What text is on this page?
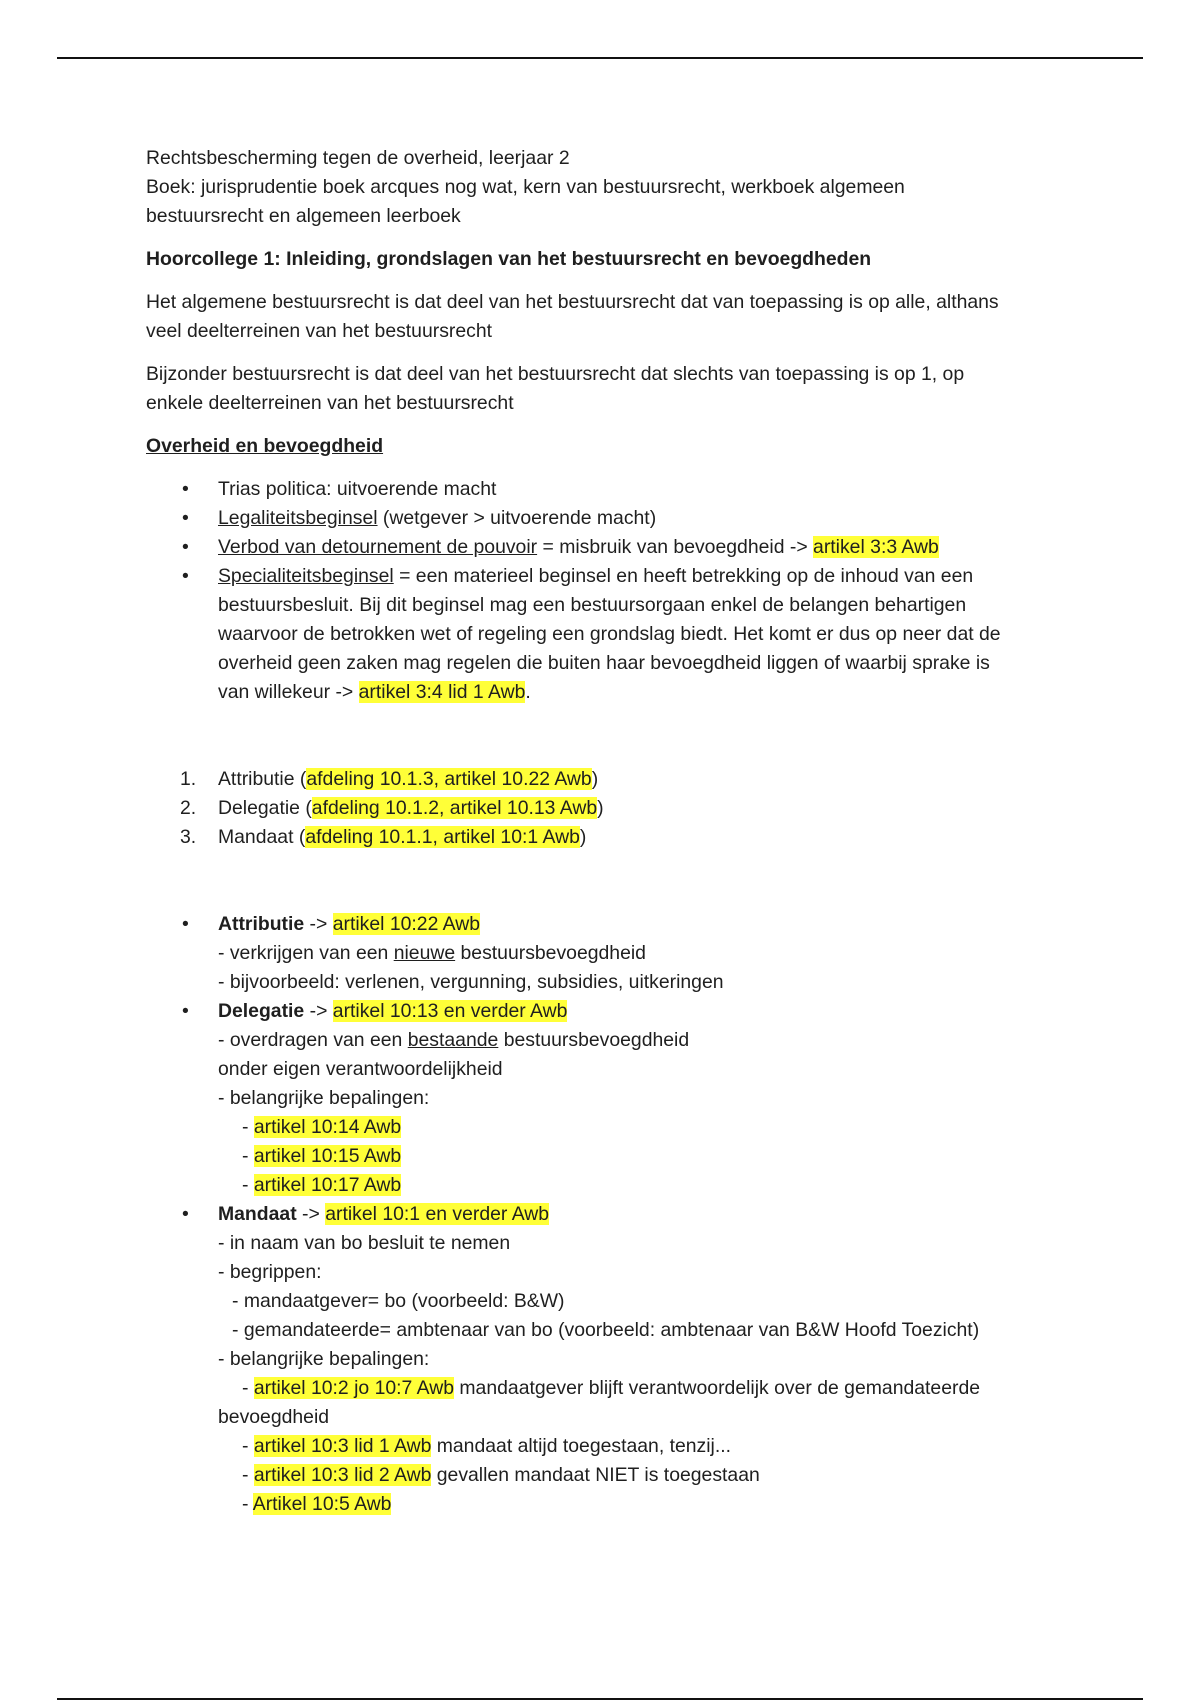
Rechtsbescherming tegen de overheid, leerjaar 2

Boek: jurisprudentie boek arcques nog wat, kern van bestuursrecht, werkboek algemeen

bestuursrecht en algemeen leerboek

Hoorcollege 1: Inleiding, grondslagen van het bestuursrecht en bevoegdheden

Het algemene bestuursrecht is dat deel van het bestuursrecht dat van toepassing is op alle, althans

veel deelterreinen van het bestuursrecht

Bijzonder bestuursrecht is dat deel van het bestuursrecht dat slechts van toepassing is op 1, op

enkele deelterreinen van het bestuursrecht

Overheid en bevoegdheid

•	Trias politica: uitvoerende macht
•	Legaliteitsbeginsel (wetgever > uitvoerende macht)
•	Verbod van detournement de pouvoir = misbruik van bevoegdheid -> artikel 3:3 Awb
•	Specialiteitsbeginsel = een materieel beginsel en heeft betrekking op de inhoud van een
bestuursbesluit. Bij dit beginsel mag een bestuursorgaan enkel de belangen behartigen
waarvoor de betrokken wet of regeling een grondslag biedt. Het komt er dus op neer dat de
overheid geen zaken mag regelen die buiten haar bevoegdheid liggen of waarbij sprake is
van willekeur -> artikel 3:4 lid 1 Awb.
1.	Attributie (afdeling 10.1.3, artikel 10.22 Awb)
2.	Delegatie (afdeling 10.1.2, artikel 10.13 Awb)
3.	Mandaat (afdeling 10.1.1, artikel 10:1 Awb)
•	Attributie -> artikel 10:22 Awb
- verkrijgen van een nieuwe bestuursbevoegdheid
- bijvoorbeeld: verlenen, vergunning, subsidies, uitkeringen
•	Delegatie -> artikel 10:13 en verder Awb
- overdragen van een bestaande bestuursbevoegdheid
onder eigen verantwoordelijkheid
- belangrijke bepalingen:
- artikel 10:14 Awb
- artikel 10:15 Awb
- artikel 10:17 Awb
•	Mandaat -> artikel 10:1 en verder Awb
- in naam van bo besluit te nemen
- begrippen:
- mandaatgever= bo (voorbeeld: B&W)
- gemandateerde= ambtenaar van bo (voorbeeld: ambtenaar van B&W Hoofd Toezicht)
- belangrijke bepalingen:
- artikel 10:2 jo 10:7 Awb mandaatgever blijft verantwoordelijk over de gemandateerde
bevoegdheid
- artikel 10:3 lid 1 Awb mandaat altijd toegestaan, tenzij...
- artikel 10:3 lid 2 Awb gevallen mandaat NIET is toegestaan
- Artikel 10:5 Awb
